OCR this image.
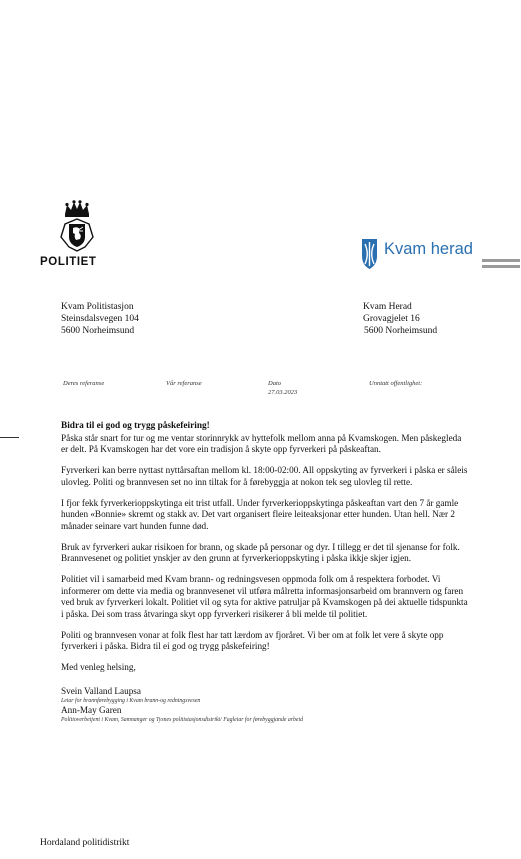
POLITIET
Kvam herad
Kvam Politistasjon
Steinsdalsvegen 104
5600 Norheimsund
Kvam Herad
Grovagjelet 16
5600 Norheimsund
Deres referanse	Vår referanse	Dato
27.03.2023
Unntatt offentlighet:
Bidra til ei god og trygg påskefeiring!

Påska står snart for tur og me ventar storinnrykk av hyttefolk mellom anna på Kvamskogen. Men påskegleda er delt. På Kvamskogen har det vore ein tradisjon å skyte opp fyrverkeri på påskeaftan.

Fyrverkeri kan berre nyttast nyttårsaftan mellom kl. 18:00-02:00. All oppskyting av fyrverkeri i påska er såleis ulovleg. Politi og brannvesen set no inn tiltak for å førebyggja at nokon tek seg ulovleg til rette.

I fjor fekk fyrverkerioppskytinga eit trist utfall. Under fyrverkerioppskytinga påskeaftan vart den 7 år gamle hunden «Bonnie» skremt og stakk av. Det vart organisert fleire leiteaksjonar etter hunden. Utan hell. Nær 2 månader seinare vart hunden funne død.

Bruk av fyrverkeri aukar risikoen for brann, og skade på personar og dyr. I tillegg er det til sjenanse for folk. Brannvesenet og politiet ynskjer av den grunn at fyrverkerioppskyting i påska ikkje skjer igjen.

Politiet vil i samarbeid med Kvam brann- og redningsvesen oppmoda folk om å respektera forbodet. Vi informerer om dette via media og brannvesenet vil utføra målretta informasjonsarbeid om brannvern og faren ved bruk av fyrverkeri lokalt. Politiet vil og syta for aktive patruljar på Kvamskogen på dei aktuelle tidspunkta i påska. Dei som trass åtvaringa skyt opp fyrverkeri risikerer å bli melde til politiet.

Politi og brannvesen vonar at folk flest har tatt lærdom av fjoråret. Vi ber om at folk let vere å skyte opp fyrverkeri i påska. Bidra til ei god og trygg påskefeiring!

Med venleg helsing,

Svein Valland Laupsa
Leiar for brannførebygging i Kvam brann-og redningsvesen
Ann-May Garen
Politioverbetjent i Kvam, Samnanger og Tysnes politistasjonsdistrikt/ Fagleiar for førebyggjande arbeid
Hordaland politidistrikt
